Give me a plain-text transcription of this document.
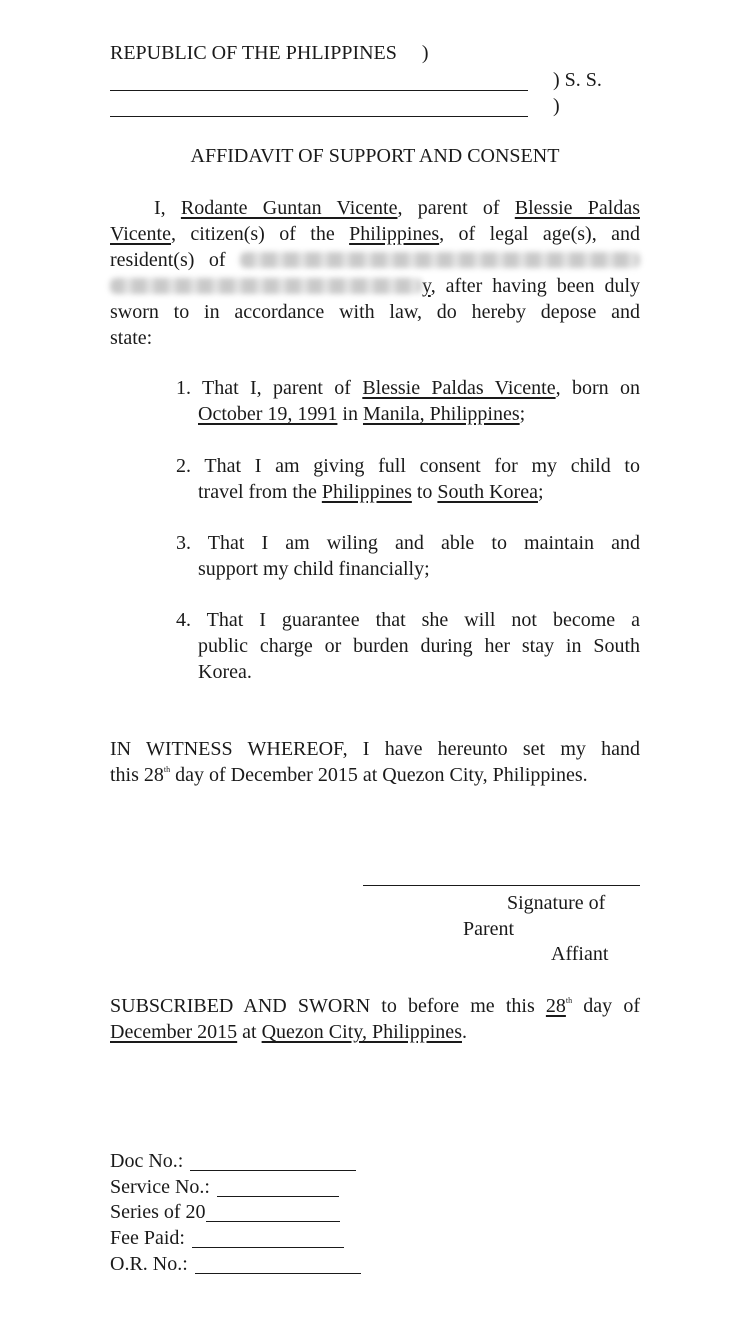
REPUBLIC OF THE PHLIPPINES )
) S. S.
)
AFFIDAVIT OF SUPPORT AND CONSENT
I, Rodante Guntan Vicente, parent of Blessie Paldas
Vicente, citizen(s) of the Philippines, of legal age(s), and
resident(s) of
y, after having been duly
sworn to in accordance with law, do hereby depose and
state:
1. That I, parent of Blessie Paldas Vicente, born on
October 19, 1991 in Manila, Philippines;
2. That I am giving full consent for my child to
travel from the Philippines to South Korea;
3. That I am wiling and able to maintain and
support my child financially;
4. That I guarantee that she will not become a
public charge or burden during her stay in South
Korea.
IN WITNESS WHEREOF, I have hereunto set my hand
this 28th day of December 2015 at Quezon City, Philippines.
Signature of
Parent
Affiant
SUBSCRIBED AND SWORN to before me this 28th day of
December 2015 at Quezon City, Philippines.
Doc No.:
Service No.:
Series of 20
Fee Paid:
O.R. No.:
